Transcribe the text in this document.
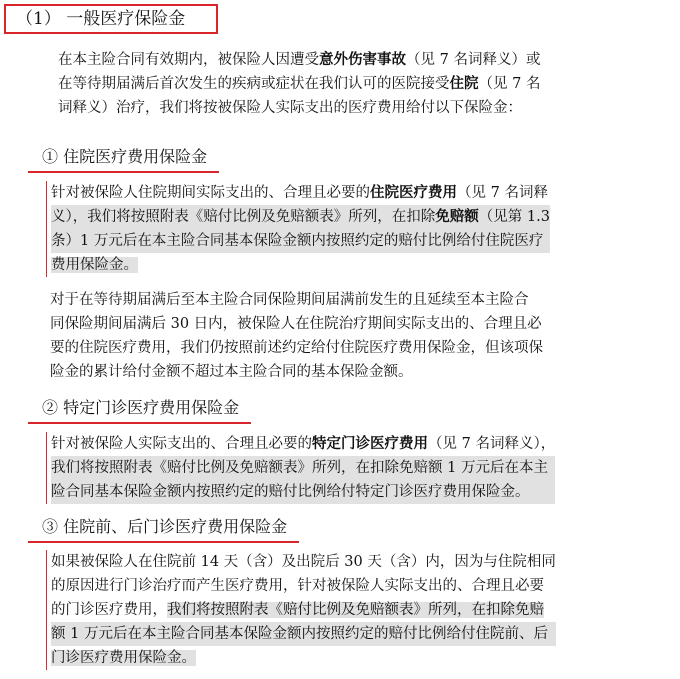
（1） 一般医疗保险金
在本主险合同有效期内，被保险人因遭受意外伤害事故（见 7 名词释义）或
在等待期届满后首次发生的疾病或症状在我们认可的医院接受住院（见 7 名
词释义）治疗，我们将按被保险人实际支出的医疗费用给付以下保险金：
① 住院医疗费用保险金
针对被保险人住院期间实际支出的、合理且必要的住院医疗费用（见 7 名词释
义），我们将按照附表《赔付比例及免赔额表》所列，在扣除免赔额（见第 1.3
条）1 万元后在本主险合同基本保险金额内按照约定的赔付比例给付住院医疗
费用保险金。
对于在等待期届满后至本主险合同保险期间届满前发生的且延续至本主险合
同保险期间届满后 30 日内，被保险人在住院治疗期间实际支出的、合理且必
要的住院医疗费用，我们仍按照前述约定给付住院医疗费用保险金，但该项保
险金的累计给付金额不超过本主险合同的基本保险金额。
② 特定门诊医疗费用保险金
针对被保险人实际支出的、合理且必要的特定门诊医疗费用（见 7 名词释义），
我们将按照附表《赔付比例及免赔额表》所列，在扣除免赔额 1 万元后在本主
险合同基本保险金额内按照约定的赔付比例给付特定门诊医疗费用保险金。
③ 住院前、后门诊医疗费用保险金
如果被保险人在住院前 14 天（含）及出院后 30 天（含）内，因为与住院相同
的原因进行门诊治疗而产生医疗费用，针对被保险人实际支出的、合理且必要
的门诊医疗费用，我们将按照附表《赔付比例及免赔额表》所列，在扣除免赔
额 1 万元后在本主险合同基本保险金额内按照约定的赔付比例给付住院前、后
门诊医疗费用保险金。
